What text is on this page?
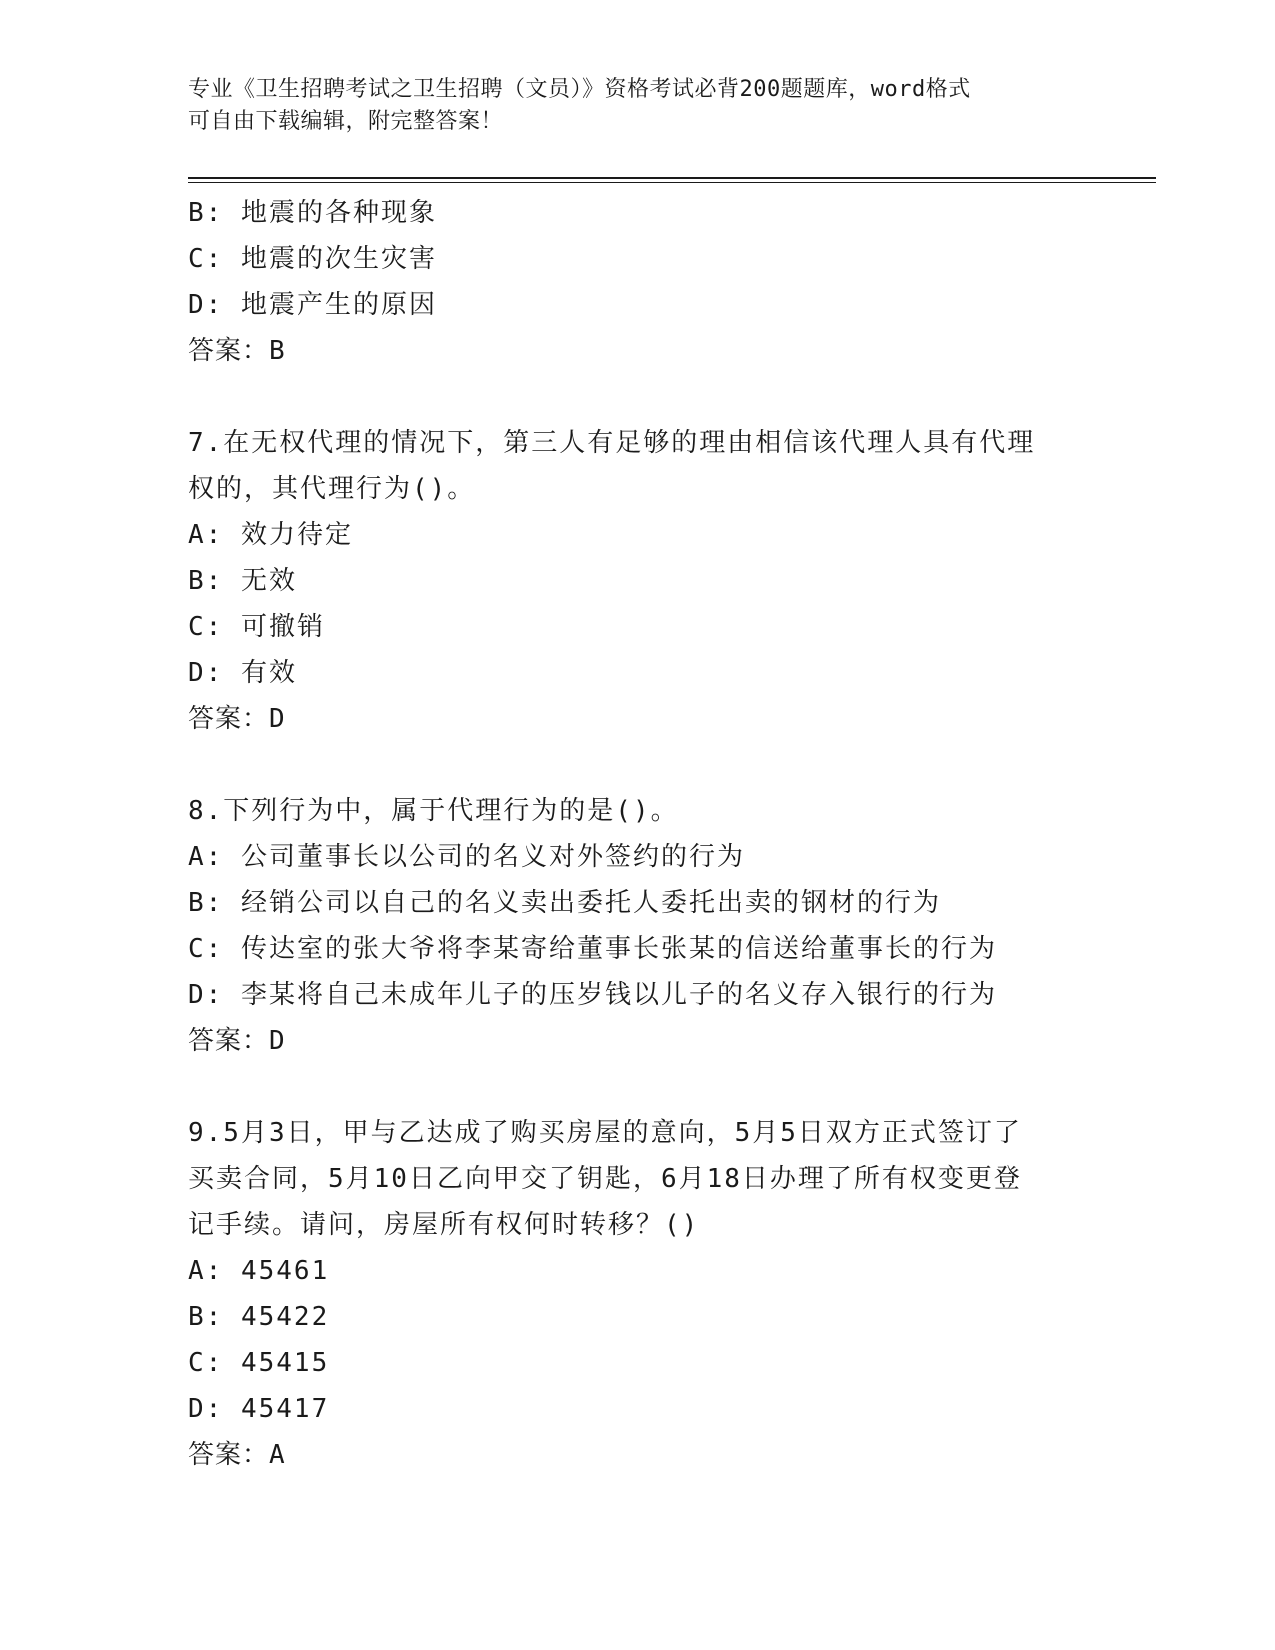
专业《卫生招聘考试之卫生招聘（文员）》资格考试必背200题题库，word格式
可自由下载编辑，附完整答案！
B: 地震的各种现象
C: 地震的次生灾害
D: 地震产生的原因
答案：B
7.在无权代理的情况下，第三人有足够的理由相信该代理人具有代理
权的，其代理行为()。
A: 效力待定
B: 无效
C: 可撤销
D: 有效
答案：D
8.下列行为中，属于代理行为的是()。
A: 公司董事长以公司的名义对外签约的行为
B: 经销公司以自己的名义卖出委托人委托出卖的钢材的行为
C: 传达室的张大爷将李某寄给董事长张某的信送给董事长的行为
D: 李某将自己未成年儿子的压岁钱以儿子的名义存入银行的行为
答案：D
9.5月3日，甲与乙达成了购买房屋的意向，5月5日双方正式签订了
买卖合同，5月10日乙向甲交了钥匙，6月18日办理了所有权变更登
记手续。请问，房屋所有权何时转移？()
A: 45461
B: 45422
C: 45415
D: 45417
答案：A
